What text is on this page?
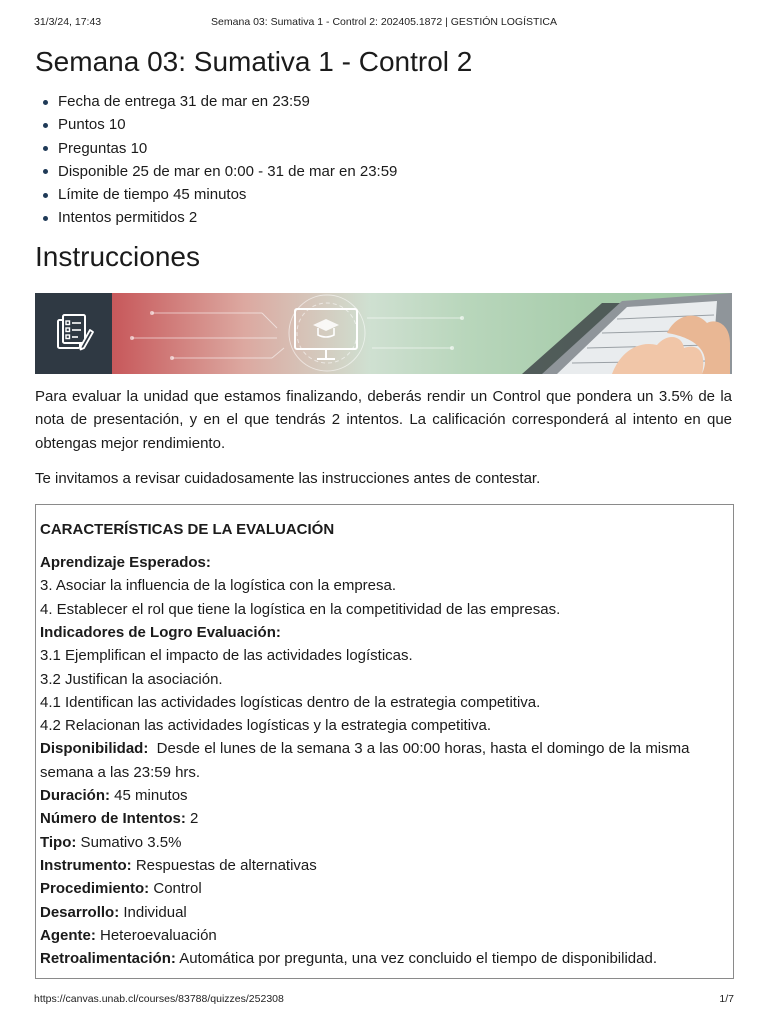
31/3/24, 17:43	Semana 03: Sumativa 1 - Control 2: 202405.1872 | GESTIÓN LOGÍSTICA
Semana 03: Sumativa 1 - Control 2
Fecha de entrega 31 de mar en 23:59
Puntos 10
Preguntas 10
Disponible 25 de mar en 0:00 - 31 de mar en 23:59
Límite de tiempo 45 minutos
Intentos permitidos 2
Instrucciones

Para evaluar la unidad que estamos finalizando, deberás rendir un Control que pondera un 3.5% de la nota de presentación, y en el que tendrás 2 intentos. La calificación corresponderá al intento en que obtengas mejor rendimiento.

Te invitamos a revisar cuidadosamente las instrucciones antes de contestar.

CARACTERÍSTICAS DE LA EVALUACIÓN
Aprendizaje Esperados:
3. Asociar la influencia de la logística con la empresa.
4. Establecer el rol que tiene la logística en la competitividad de las empresas.
Indicadores de Logro Evaluación:
3.1 Ejemplifican el impacto de las actividades logísticas.
3.2 Justifican la asociación.
4.1 Identifican las actividades logísticas dentro de la estrategia competitiva.
4.2 Relacionan las actividades logísticas y la estrategia competitiva.
Disponibilidad:  Desde el lunes de la semana 3 a las 00:00 horas, hasta el domingo de la misma semana a las 23:59 hrs.
Duración: 45 minutos
Número de Intentos: 2
Tipo: Sumativo 3.5%
Instrumento: Respuestas de alternativas
Procedimiento: Control
Desarrollo: Individual
Agente: Heteroevaluación
Retroalimentación: Automática por pregunta, una vez concluido el tiempo de disponibilidad.
https://canvas.unab.cl/courses/83788/quizzes/252308	1/7
